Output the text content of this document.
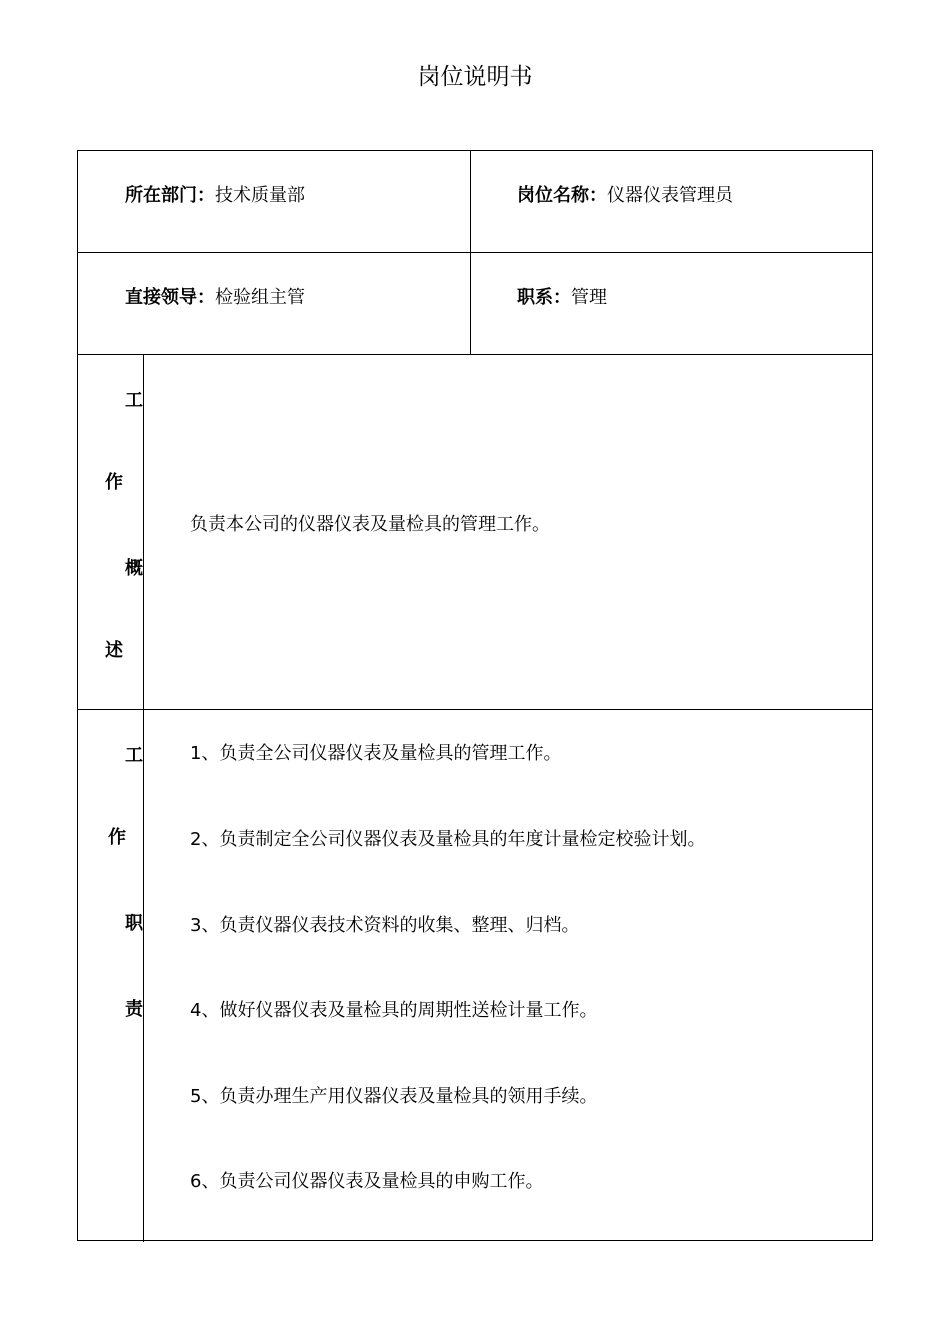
岗位说明书
所在部门：技术质量部	岗位名称：仪器仪表管理员
直接领导：检验组主管	职系：管理
工
作
概
述
负责本公司的仪器仪表及量检具的管理工作。
工
作
职
责
1、负责全公司仪器仪表及量检具的管理工作。
2、负责制定全公司仪器仪表及量检具的年度计量检定校验计划。
3、负责仪器仪表技术资料的收集、整理、归档。
4、做好仪器仪表及量检具的周期性送检计量工作。
5、负责办理生产用仪器仪表及量检具的领用手续。
6、负责公司仪器仪表及量检具的申购工作。
